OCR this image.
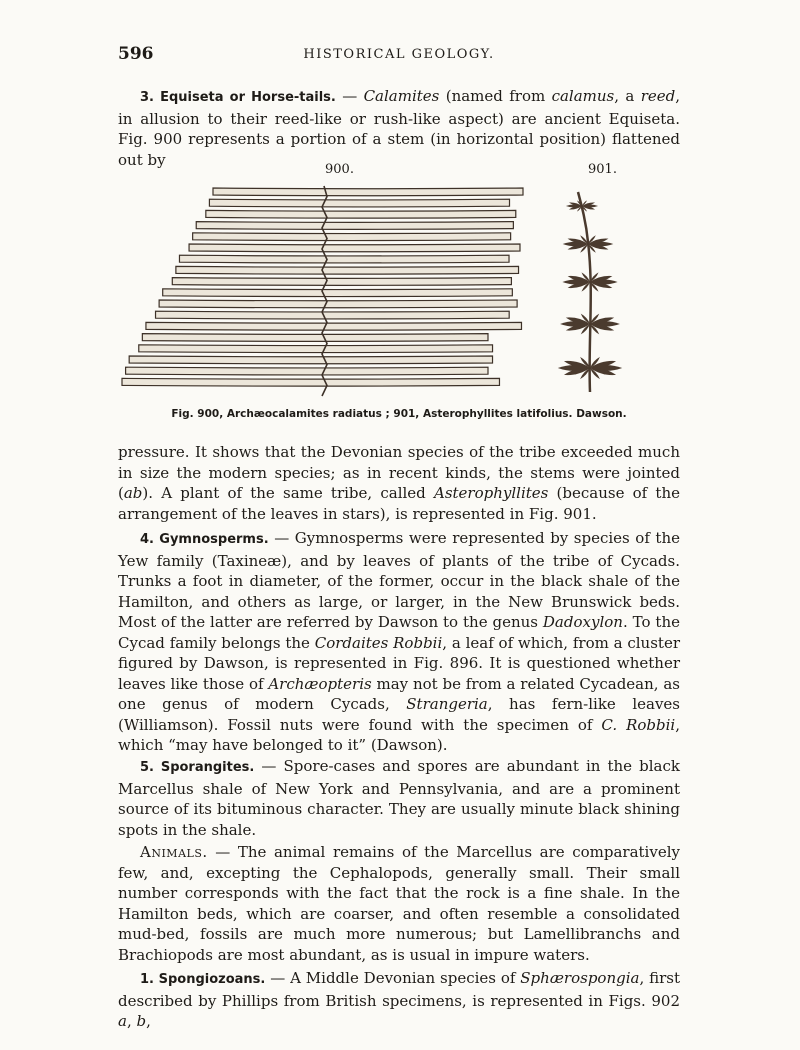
596	HISTORICAL GEOLOGY.

3. Equiseta or Horse-tails. — Calamites (named from calamus, a reed, in allusion to their reed-like or rush-like aspect) are ancient Equiseta. Fig. 900 represents a portion of a stem (in horizontal position) flattened out by

900.	901.
Fig. 900, Archæocalamites radiatus ; 901, Asterophyllites latifolius. Dawson.

pressure. It shows that the Devonian species of the tribe exceeded much in size the modern species; as in recent kinds, the stems were jointed (ab). A plant of the same tribe, called Asterophyllites (because of the arrangement of the leaves in stars), is represented in Fig. 901.

4. Gymnosperms. — Gymnosperms were represented by species of the Yew family (Taxineæ), and by leaves of plants of the tribe of Cycads. Trunks a foot in diameter, of the former, occur in the black shale of the Hamilton, and others as large, or larger, in the New Brunswick beds. Most of the latter are referred by Dawson to the genus Dadoxylon. To the Cycad family belongs the Cordaites Robbii, a leaf of which, from a cluster figured by Dawson, is represented in Fig. 896. It is questioned whether leaves like those of Archæopteris may not be from a related Cycadean, as one genus of modern Cycads, Strangeria, has fern-like leaves (Williamson). Fossil nuts were found with the specimen of C. Robbii, which “may have belonged to it” (Dawson).

5. Sporangites. — Spore-cases and spores are abundant in the black Marcellus shale of New York and Pennsylvania, and are a prominent source of its bituminous character. They are usually minute black shining spots in the shale.

Animals. — The animal remains of the Marcellus are comparatively few, and, excepting the Cephalopods, generally small. Their small number corresponds with the fact that the rock is a fine shale. In the Hamilton beds, which are coarser, and often resemble a consolidated mud-bed, fossils are much more numerous; but Lamellibranchs and Brachiopods are most abundant, as is usual in impure waters.

1. Spongiozoans. — A Middle Devonian species of Sphærospongia, first described by Phillips from British specimens, is represented in Figs. 902 a, b,
